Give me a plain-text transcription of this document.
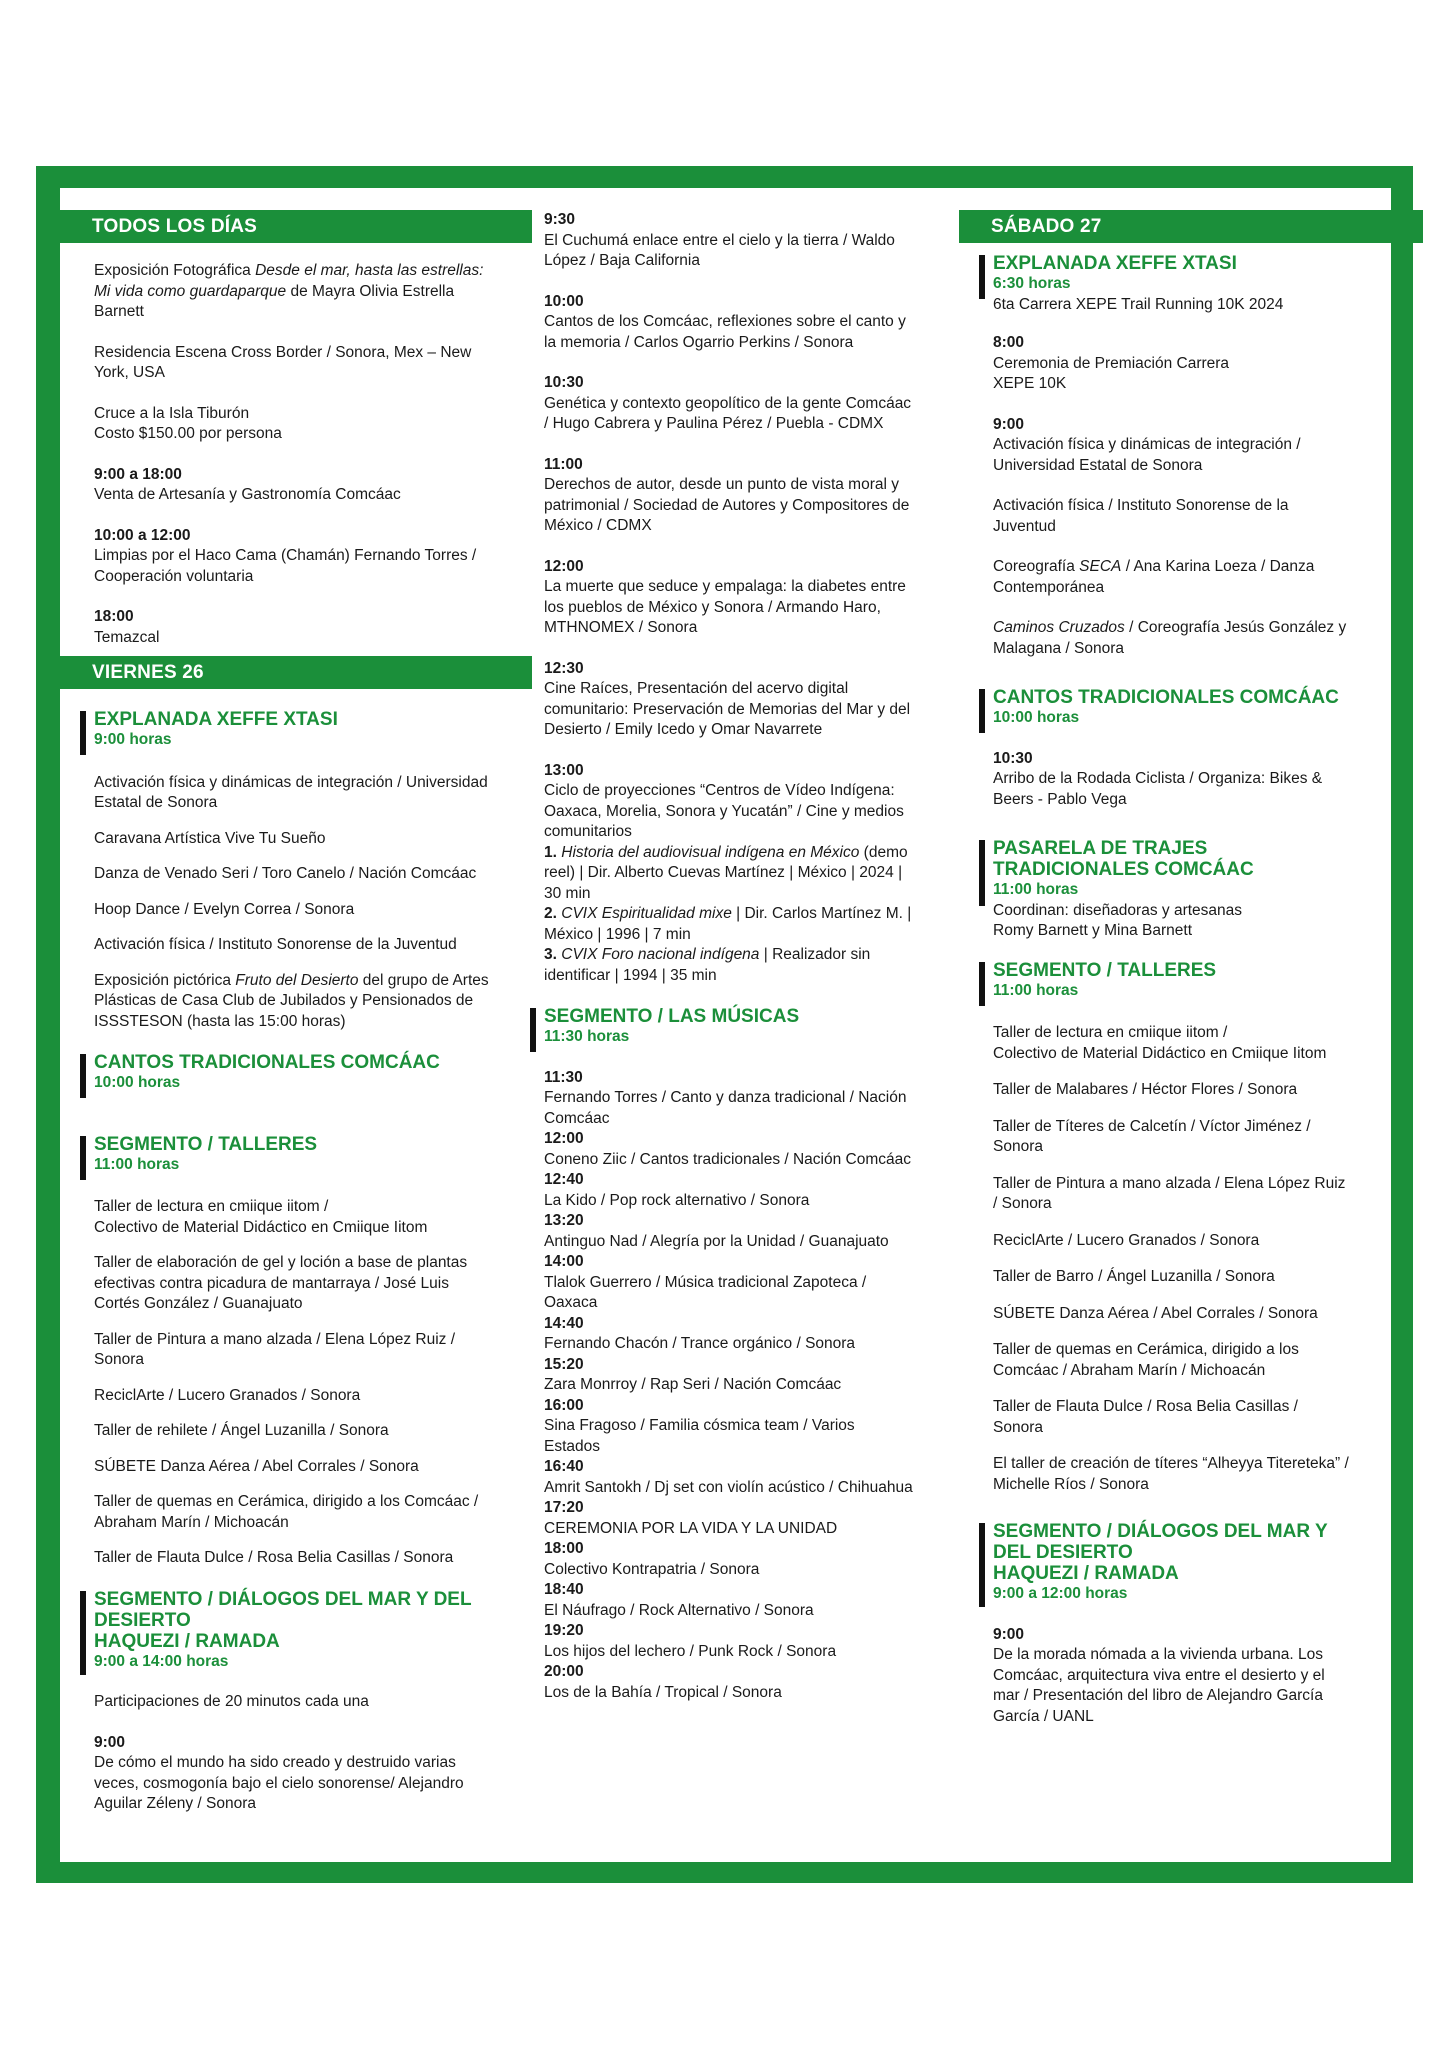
TODOS LOS DÍAS
Exposición Fotográfica Desde el mar, hasta las estrellas: Mi vida como guardaparque de Mayra Olivia Estrella Barnett
Residencia Escena Cross Border / Sonora, Mex – New York, USA
Cruce a la Isla Tiburón
Costo $150.00 por persona
9:00 a 18:00
Venta de Artesanía y Gastronomía Comcáac
10:00 a 12:00
Limpias por el Haco Cama (Chamán) Fernando Torres / Cooperación voluntaria
18:00
Temazcal
VIERNES 26
EXPLANADA XEFFE XTASI
9:00 horas
Activación física y dinámicas de integración / Universidad Estatal de Sonora
Caravana Artística Vive Tu Sueño
Danza de Venado Seri / Toro Canelo / Nación Comcáac
Hoop Dance / Evelyn Correa / Sonora
Activación física / Instituto Sonorense de la Juventud
Exposición pictórica Fruto del Desierto del grupo de Artes Plásticas de Casa Club de Jubilados y Pensionados de ISSSTESON (hasta las 15:00 horas)
CANTOS TRADICIONALES COMCÁAC
10:00 horas
SEGMENTO / TALLERES
11:00 horas
Taller de lectura en cmiique iitom /
Colectivo de Material Didáctico en Cmiique Iitom
Taller de elaboración de gel y loción a base de plantas efectivas contra picadura de mantarraya / José Luis Cortés González / Guanajuato
Taller de Pintura a mano alzada / Elena López Ruiz / Sonora
ReciclArte / Lucero Granados / Sonora
Taller de rehilete / Ángel Luzanilla / Sonora
SÚBETE Danza Aérea / Abel Corrales / Sonora
Taller de quemas en Cerámica, dirigido a los Comcáac / Abraham Marín / Michoacán
Taller de Flauta Dulce / Rosa Belia Casillas / Sonora
SEGMENTO / DIÁLOGOS DEL MAR Y DEL DESIERTO
HAQUEZI / RAMADA
9:00 a 14:00 horas
Participaciones de 20 minutos cada una
9:00
De cómo el mundo ha sido creado y destruido varias veces, cosmogonía bajo el cielo sonorense/ Alejandro Aguilar Zéleny / Sonora
9:30
El Cuchumá enlace entre el cielo y la tierra / Waldo López / Baja California
10:00
Cantos de los Comcáac, reflexiones sobre el canto y la memoria / Carlos Ogarrio Perkins / Sonora
10:30
Genética y contexto geopolítico de la gente Comcáac / Hugo Cabrera y Paulina Pérez / Puebla - CDMX
11:00
Derechos de autor, desde un punto de vista moral y patrimonial / Sociedad de Autores y Compositores de México / CDMX
12:00
La muerte que seduce y empalaga: la diabetes entre los pueblos de México y Sonora / Armando Haro, MTHNOMEX / Sonora
12:30
Cine Raíces, Presentación del acervo digital comunitario: Preservación de Memorias del Mar y del Desierto / Emily Icedo y Omar Navarrete
13:00
Ciclo de proyecciones “Centros de Vídeo Indígena: Oaxaca, Morelia, Sonora y Yucatán” / Cine y medios comunitarios
1. Historia del audiovisual indígena en México (demo reel) | Dir. Alberto Cuevas Martínez | México | 2024 | 30 min
2. CVIX Espiritualidad mixe | Dir. Carlos Martínez M. | México | 1996 | 7 min
3. CVIX Foro nacional indígena | Realizador sin identificar | 1994 | 35 min
SEGMENTO / LAS MÚSICAS
11:30 horas
11:30
Fernando Torres / Canto y danza tradicional / Nación Comcáac
12:00
Coneno Ziic / Cantos tradicionales / Nación Comcáac
12:40
La Kido / Pop rock alternativo / Sonora
13:20
Antinguo Nad / Alegría por la Unidad / Guanajuato
14:00
Tlalok Guerrero / Música tradicional Zapoteca / Oaxaca
14:40
Fernando Chacón / Trance orgánico / Sonora
15:20
Zara Monrroy / Rap Seri / Nación Comcáac
16:00
Sina Fragoso / Familia cósmica team / Varios Estados
16:40
Amrit Santokh / Dj set con violín acústico / Chihuahua
17:20
CEREMONIA POR LA VIDA Y LA UNIDAD
18:00
Colectivo Kontrapatria / Sonora
18:40
El Náufrago / Rock Alternativo / Sonora
19:20
Los hijos del lechero / Punk Rock / Sonora
20:00
Los de la Bahía / Tropical / Sonora
SÁBADO 27
EXPLANADA XEFFE XTASI
6:30 horas
6ta Carrera XEPE Trail Running 10K 2024
8:00
Ceremonia de Premiación Carrera
XEPE 10K
9:00
Activación física y dinámicas de integración / Universidad Estatal de Sonora
Activación física / Instituto Sonorense de la Juventud
Coreografía SECA / Ana Karina Loeza / Danza Contemporánea
Caminos Cruzados / Coreografía Jesús González y Malagana / Sonora
CANTOS TRADICIONALES COMCÁAC
10:00 horas
10:30
Arribo de la Rodada Ciclista / Organiza: Bikes & Beers - Pablo Vega
PASARELA DE TRAJES TRADICIONALES COMCÁAC
11:00 horas
Coordinan: diseñadoras y artesanas
Romy Barnett y Mina Barnett
SEGMENTO / TALLERES
11:00 horas
Taller de lectura en cmiique iitom /
Colectivo de Material Didáctico en Cmiique Iitom
Taller de Malabares / Héctor Flores / Sonora
Taller de Títeres de Calcetín / Víctor Jiménez / Sonora
Taller de Pintura a mano alzada / Elena López Ruiz / Sonora
ReciclArte / Lucero Granados / Sonora
Taller de Barro / Ángel Luzanilla / Sonora
SÚBETE Danza Aérea / Abel Corrales / Sonora
Taller de quemas en Cerámica, dirigido a los Comcáac / Abraham Marín / Michoacán
Taller de Flauta Dulce / Rosa Belia Casillas / Sonora
El taller de creación de títeres “Alheyya Titereteka” / Michelle Ríos / Sonora
SEGMENTO / DIÁLOGOS DEL MAR Y DEL DESIERTO
HAQUEZI / RAMADA
9:00 a 12:00 horas
9:00
De la morada nómada a la vivienda urbana. Los Comcáac, arquitectura viva entre el desierto y el mar / Presentación del libro de Alejandro García García / UANL
